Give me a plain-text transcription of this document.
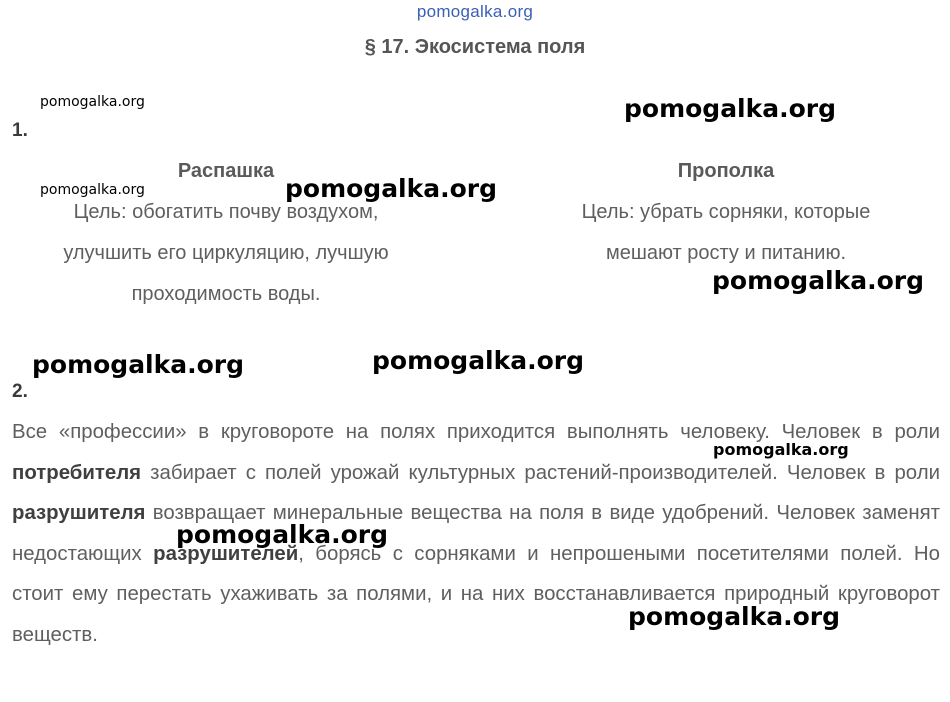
pomogalka.org
§ 17. Экосистема поля
1.
Распашка
Цель: обогатить почву воздухом,
улучшить его циркуляцию, лучшую
проходимость воды.
Прополка
Цель: убрать сорняки, которые
мешают росту и питанию.
2.
Все «профессии» в круговороте на полях приходится выполнять человеку. Человек в роли потребителя забирает с полей урожай культурных растений-производителей. Человек в роли разрушителя возвращает минеральные вещества на поля в виде удобрений. Человек заменят недостающих разрушителей, борясь с сорняками и непрошеными посетителями полей. Но стоит ему перестать ухаживать за полями, и на них восстанавливается природный круговорот веществ.
pomogalka.org	pomogalka.org
pomogalka.org	pomogalka.org
pomogalka.org
pomogalka.org	pomogalka.org
pomogalka.org
pomogalka.org
pomogalka.org
